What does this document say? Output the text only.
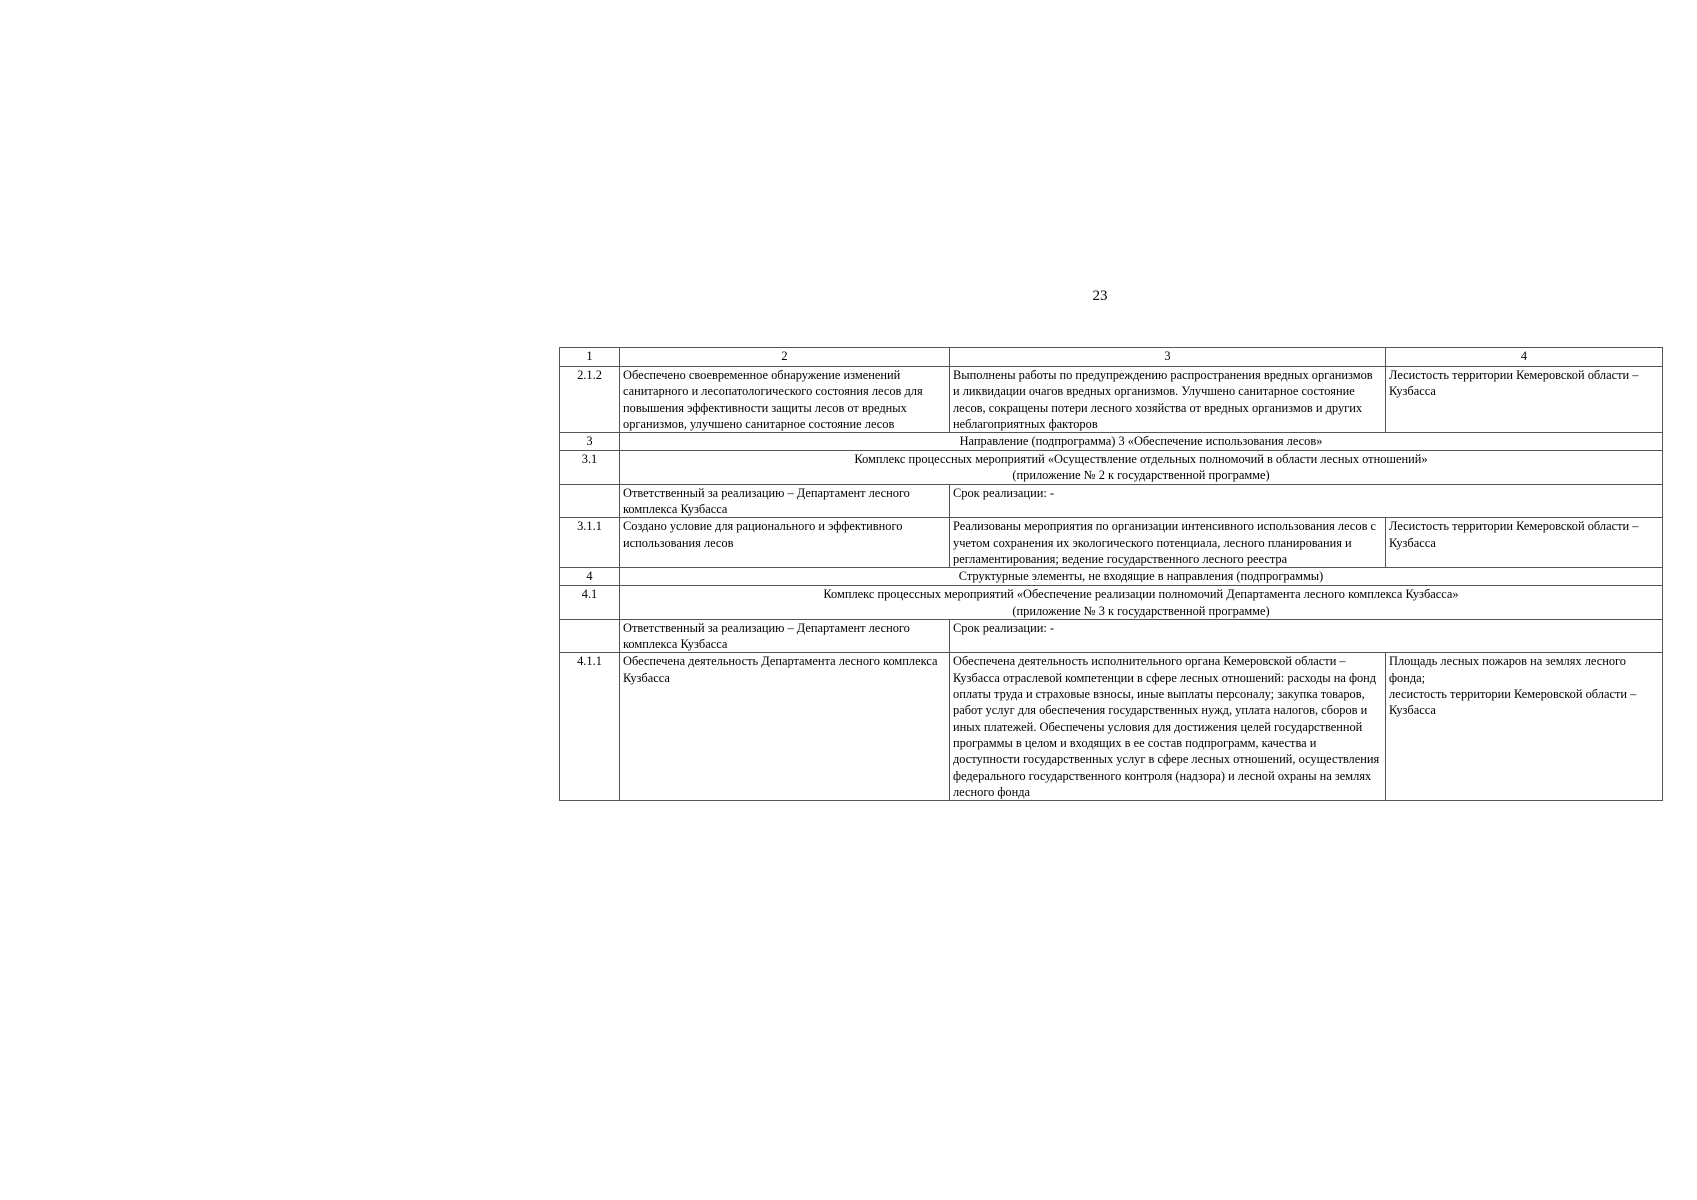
23
1	2	3	4
2.1.2	Обеспечено своевременное обнаружение изменений санитарного и лесопатологического состояния лесов для повышения эффективности защиты лесов от вредных организмов, улучшено санитарное состояние лесов	Выполнены работы по предупреждению распространения вредных организмов и ликвидации очагов вредных организмов. Улучшено санитарное состояние лесов, сокращены потери лесного хозяйства от вредных организмов и других неблагоприятных факторов	Лесистость территории Кемеровской области – Кузбасса
3	Направление (подпрограмма) 3 «Обеспечение использования лесов»		
3.1	Комплекс процессных мероприятий «Осуществление отдельных полномочий в области лесных отношений»
(приложение № 2 к государственной программе)		

	Ответственный за реализацию – Департамент лесного комплекса Кузбасса	Срок реализации: -	
3.1.1	Создано условие для рационального и эффективного использования лесов	Реализованы мероприятия по организации интенсивного использования лесов с учетом сохранения их экологического потенциала, лесного планирования и регламентирования; ведение государственного лесного реестра	Лесистость территории Кемеровской области – Кузбасса
4	Структурные элементы, не входящие в направления (подпрограммы)		
4.1	Комплекс процессных мероприятий «Обеспечение реализации полномочий Департамента лесного комплекса Кузбасса»
(приложение № 3 к государственной программе)		

	Ответственный за реализацию – Департамент лесного комплекса Кузбасса	Срок реализации: -	
4.1.1	Обеспечена деятельность Департамента лесного комплекса Кузбасса	Обеспечена деятельность исполнительного органа Кемеровской области – Кузбасса отраслевой компетенции в сфере лесных отношений: расходы на фонд оплаты труда и страховые взносы, иные выплаты персоналу; закупка товаров, работ услуг для обеспечения государственных нужд, уплата налогов, сборов и иных платежей. Обеспечены условия для достижения целей государственной программы в целом и входящих в ее состав подпрограмм, качества и доступности государственных услуг в сфере лесных отношений, осуществления федерального государственного контроля (надзора) и лесной охраны на землях лесного фонда	Площадь лесных пожаров на землях лесного фонда;
лесистость территории Кемеровской области – Кузбасса
